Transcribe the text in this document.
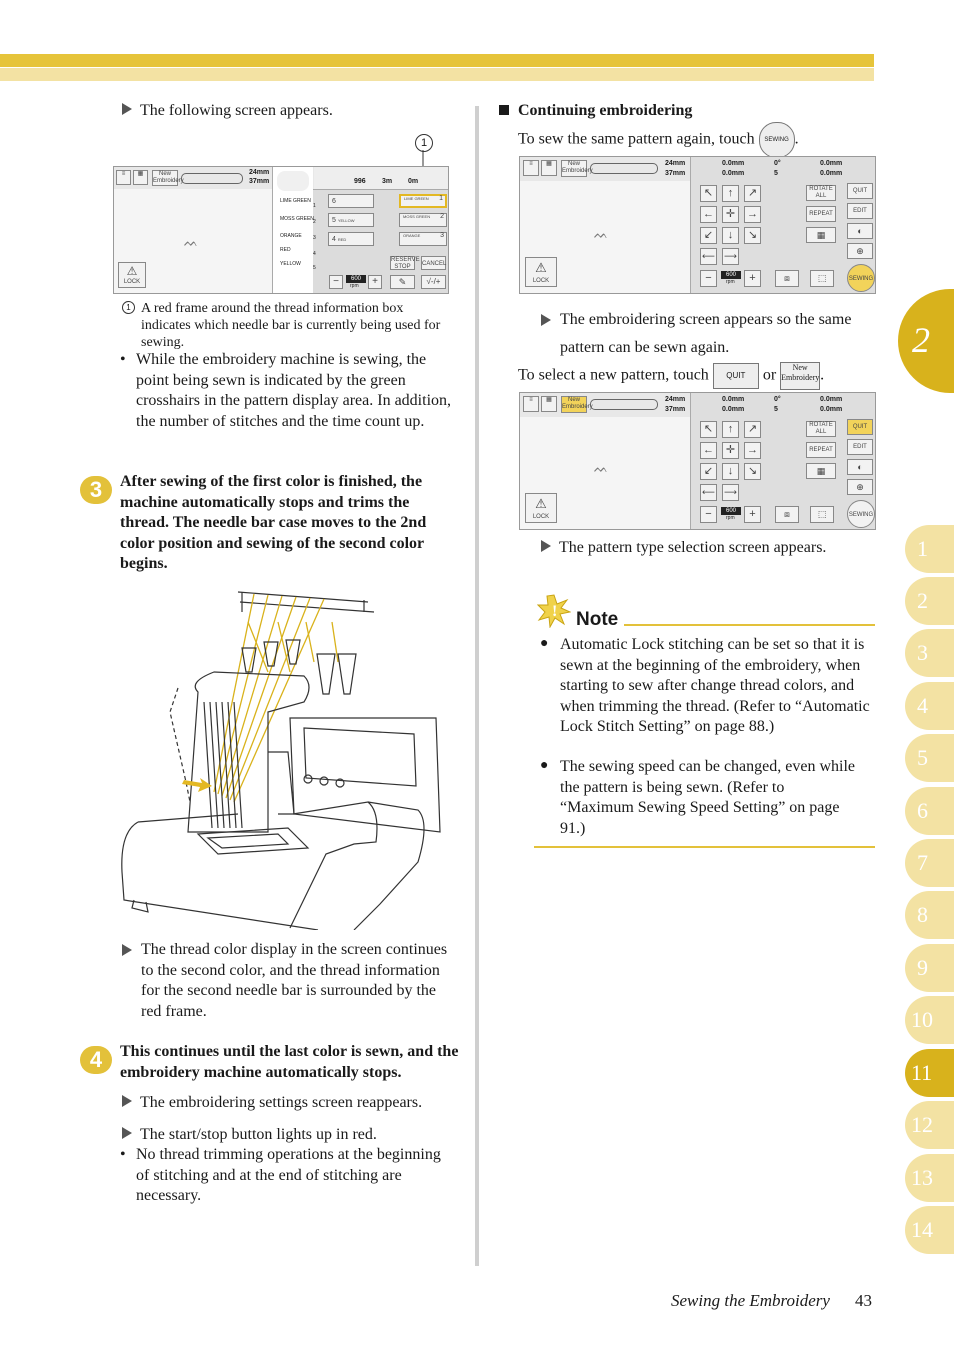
The following screen appears.
1
≡	▦	New Embroidery
24mm
37mm
ᨓ
⚠
LOCK
LIME GREEN
MOSS GREEN
ORANGE
RED
YELLOW
1
2
3
4
5
996 3m 0m
6
5 $^{YELLOW}$
4 $^{RED}$
LIME GREEN 1
MOSS GREEN 2
ORANGE	3
RESERVE STOP	CANCEL
−	600
rpm	+	✎	√-/+
1 A red frame around the thread information box indicates which needle bar is currently being used for sewing.
• While the embroidery machine is sewing, the point being sewn is indicated by the green crosshairs in the pattern display area. In addition, the number of stitches and the time count up.
3	After sewing of the first color is finished, the machine automatically stops and trims the thread. The needle bar case moves to the 2nd color position and sewing of the second color begins.
The thread color display in the screen continues to the second color, and the thread information for the second needle bar is surrounded by the red frame.
4	This continues until the last color is sewn, and the embroidery machine automatically stops.
The embroidering settings screen reappears.
The start/stop button lights up in red.
• No thread trimming operations at the beginning of stitching and at the end of stitching are necessary.
Continuing embroidering
To sew the same pattern again, touch SEWING .
≡	▦	New Embroidery
24mm
37mm
ᨓ
⚠
LOCK
0.0mm
0.0mm
0°
5
0.0mm
0.0mm
↖	↑	↗
←	✛	→
↙	↓	↘
⟵ ⟶
ROTATE ALL
REPEAT
▦
−	600
rpm	+	⧈	⬚
QUIT
EDIT
◐
⊕
SEWING
The embroidering screen appears so the same pattern can be sewn again.
To select a new pattern, touch QUIT or New Embroidery.
≡	▦	New Embroidery
24mm
37mm
ᨓ
⚠
LOCK
0.0mm
0.0mm
0°
5
0.0mm
0.0mm
↖	↑	↗
←	✛	→
↙	↓	↘
⟵ ⟶
ROTATE ALL
REPEAT
▦
−	600
rpm	+	⧈	⬚
QUIT
EDIT
◐
⊕
SEWING
The pattern type selection screen appears.
! Note
● Automatic Lock stitching can be set so that it is sewn at the beginning of the embroidery, when starting to sew after change thread colors, and when trimming the thread. (Refer to “Automatic Lock Stitch Setting” on page 88.)
● The sewing speed can be changed, even while the pattern is being sewn. (Refer to “Maximum Sewing Speed Setting” on page 91.)
2
1
2
3
4
5
6
7
8
9
10
11
12
13
14
Sewing the Embroidery 43
